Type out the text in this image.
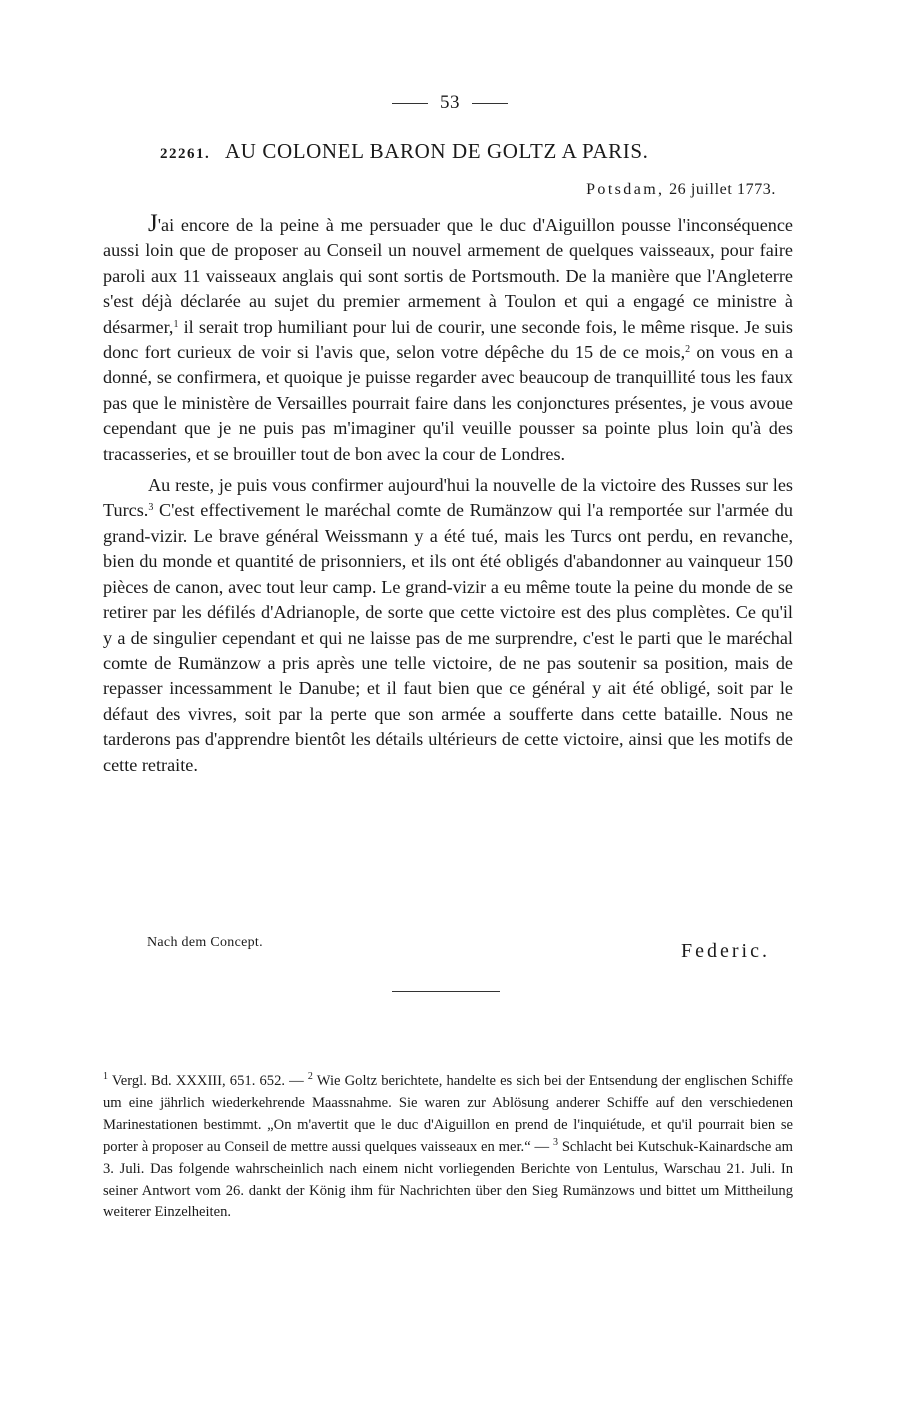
53
22261. AU COLONEL BARON DE GOLTZ A PARIS.
Potsdam, 26 juillet 1773.

J'ai encore de la peine à me persuader que le duc d'Aiguillon pousse l'inconséquence aussi loin que de proposer au Conseil un nouvel armement de quelques vaisseaux, pour faire paroli aux 11 vaisseaux anglais qui sont sortis de Portsmouth. De la manière que l'Angleterre s'est déjà déclarée au sujet du premier armement à Toulon et qui a engagé ce ministre à désarmer,$^1$ il serait trop humiliant pour lui de courir, une seconde fois, le même risque. Je suis donc fort curieux de voir si l'avis que, selon votre dépêche du 15 de ce mois,$^2$ on vous en a donné, se confirmera, et quoique je puisse regarder avec beaucoup de tranquillité tous les faux pas que le ministère de Versailles pourrait faire dans les conjonctures présentes, je vous avoue cependant que je ne puis pas m'imaginer qu'il veuille pousser sa pointe plus loin qu'à des tracasseries, et se brouiller tout de bon avec la cour de Londres.

Au reste, je puis vous confirmer aujourd'hui la nouvelle de la victoire des Russes sur les Turcs.$^3$ C'est effectivement le maréchal comte de Rumänzow qui l'a remportée sur l'armée du grand-vizir. Le brave général Weissmann y a été tué, mais les Turcs ont perdu, en revanche, bien du monde et quantité de prisonniers, et ils ont été obligés d'abandonner au vainqueur 150 pièces de canon, avec tout leur camp. Le grand-vizir a eu même toute la peine du monde de se retirer par les défilés d'Adrianople, de sorte que cette victoire est des plus complètes. Ce qu'il y a de singulier cependant et qui ne laisse pas de me surprendre, c'est le parti que le maréchal comte de Rumänzow a pris après une telle victoire, de ne pas soutenir sa position, mais de repasser incessamment le Danube; et il faut bien que ce général y ait été obligé, soit par le défaut des vivres, soit par la perte que son armée a soufferte dans cette bataille. Nous ne tarderons pas d'apprendre bientôt les détails ultérieurs de cette victoire, ainsi que les motifs de cette retraite.

Nach dem Concept.	Federic.

$^1$ Vergl. Bd. XXXIII, 651. 652. — $^2$ Wie Goltz berichtete, handelte es sich bei der Entsendung der englischen Schiffe um eine jährlich wiederkehrende Maassnahme. Sie waren zur Ablösung anderer Schiffe auf den verschiedenen Marinestationen bestimmt. „On m'avertit que le duc d'Aiguillon en prend de l'inquiétude, et qu'il pourrait bien se porter à proposer au Conseil de mettre aussi quelques vaisseaux en mer.“ — $^3$ Schlacht bei Kutschuk-Kainardsche am 3. Juli. Das folgende wahrscheinlich nach einem nicht vorliegenden Berichte von Lentulus, Warschau 21. Juli. In seiner Antwort vom 26. dankt der König ihm für Nachrichten über den Sieg Rumänzows und bittet um Mittheilung weiterer Einzelheiten.
